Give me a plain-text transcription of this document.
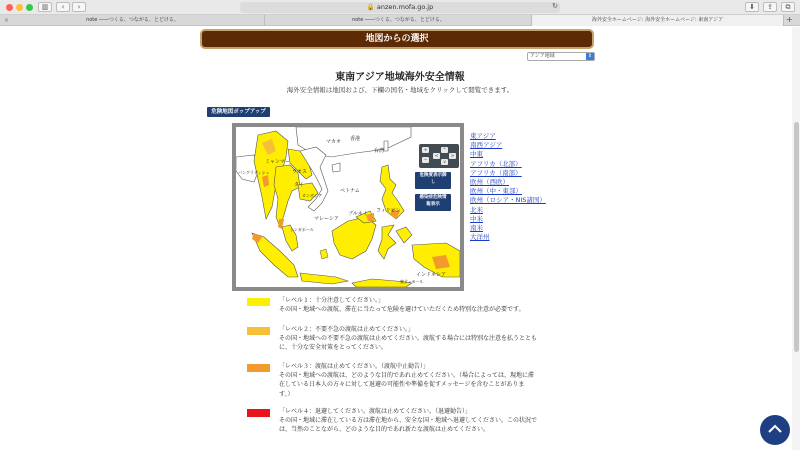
▥	‹	›	🔒 anzen.mofa.go.jp	↻	⬇	⇪	⧉
×	note ――つくる、つながる、とどける。	note ――つくる、つながる、とどける。	海外安全ホームページ: 海外安全ホームページ: 東南アジア	+
地図からの選択
アジア地域	⇕
東南アジア地域海外安全情報
海外安全情報は地図および、下欄の国名・地域をクリックして閲覧できます。
危険地図ポップアップ
マカオ 香港
台湾
ミャンマー
ラオス
バングラディシュ
タイ
カンボジア
ベトナム
フィリピン
ブルネイ
マレーシア
シンガポール
インドネシア
東ティモール
+
−
<	>
^
v
危険度表示御
し
感染症危険情
報表示
東アジア
南西アジア
中東
アフリカ（北部）
アフリカ（南部）
欧州（西欧）
欧州（中・東部）
欧州（ロシア・NIS諸国）
北米
中米
南米
大洋州
「レベル１：十分注意してください。」
その国・地域への渡航、滞在に当たって危険を避けていただくため特別な注意が必要です。
「レベル２：不要不急の渡航は止めてください。」
その国・地域への不要不急の渡航は止めてください。渡航する場合には特別な注意を払うととも
に、十分な安全対策をとってください。
「レベル３：渡航は止めてください。（渡航中止勧告）」
その国・地域への渡航は、どのような目的であれ止めてください。（場合によっては、現地に滞
在している日本人の方々に対して退避の可能性や準備を促すメッセージを含むことがありま
す。）
「レベル４：退避してください。渡航は止めてください。（退避勧告）」
その国・地域に滞在している方は滞在地から、安全な国・地域へ退避してください。この状況で
は、当然のことながら、どのような目的であれ新たな渡航は止めてください。
